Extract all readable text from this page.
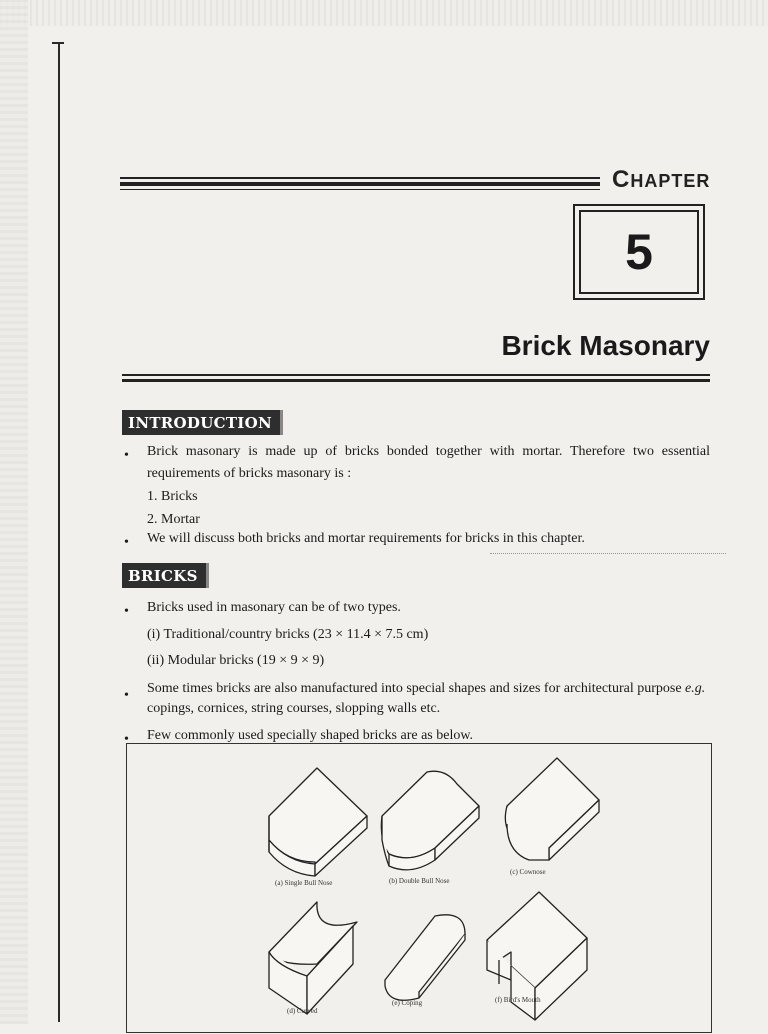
CHAPTER
5
Brick Masonary
INTRODUCTION
• Brick masonary is made up of bricks bonded together with mortar. Therefore two essential
requirements of bricks masonary is :
1. Bricks
2. Mortar
• We will discuss both bricks and mortar requirements for bricks in this chapter.
BRICKS
• Bricks used in masonary can be of two types.
(i) Traditional/country bricks (23 × 11.4 × 7.5 cm)
(ii) Modular bricks (19 × 9 × 9)
• Some times bricks are also manufactured into special shapes and sizes for architectural purpose e.g.
copings, cornices, string courses, slopping walls etc.
• Few commonly used specially shaped bricks are as below.
(a) Single Bull Nose	(b) Double Bull Nose
(c) Cownose
(d) Curved
(e) Coping	(f) Bird's Mouth
